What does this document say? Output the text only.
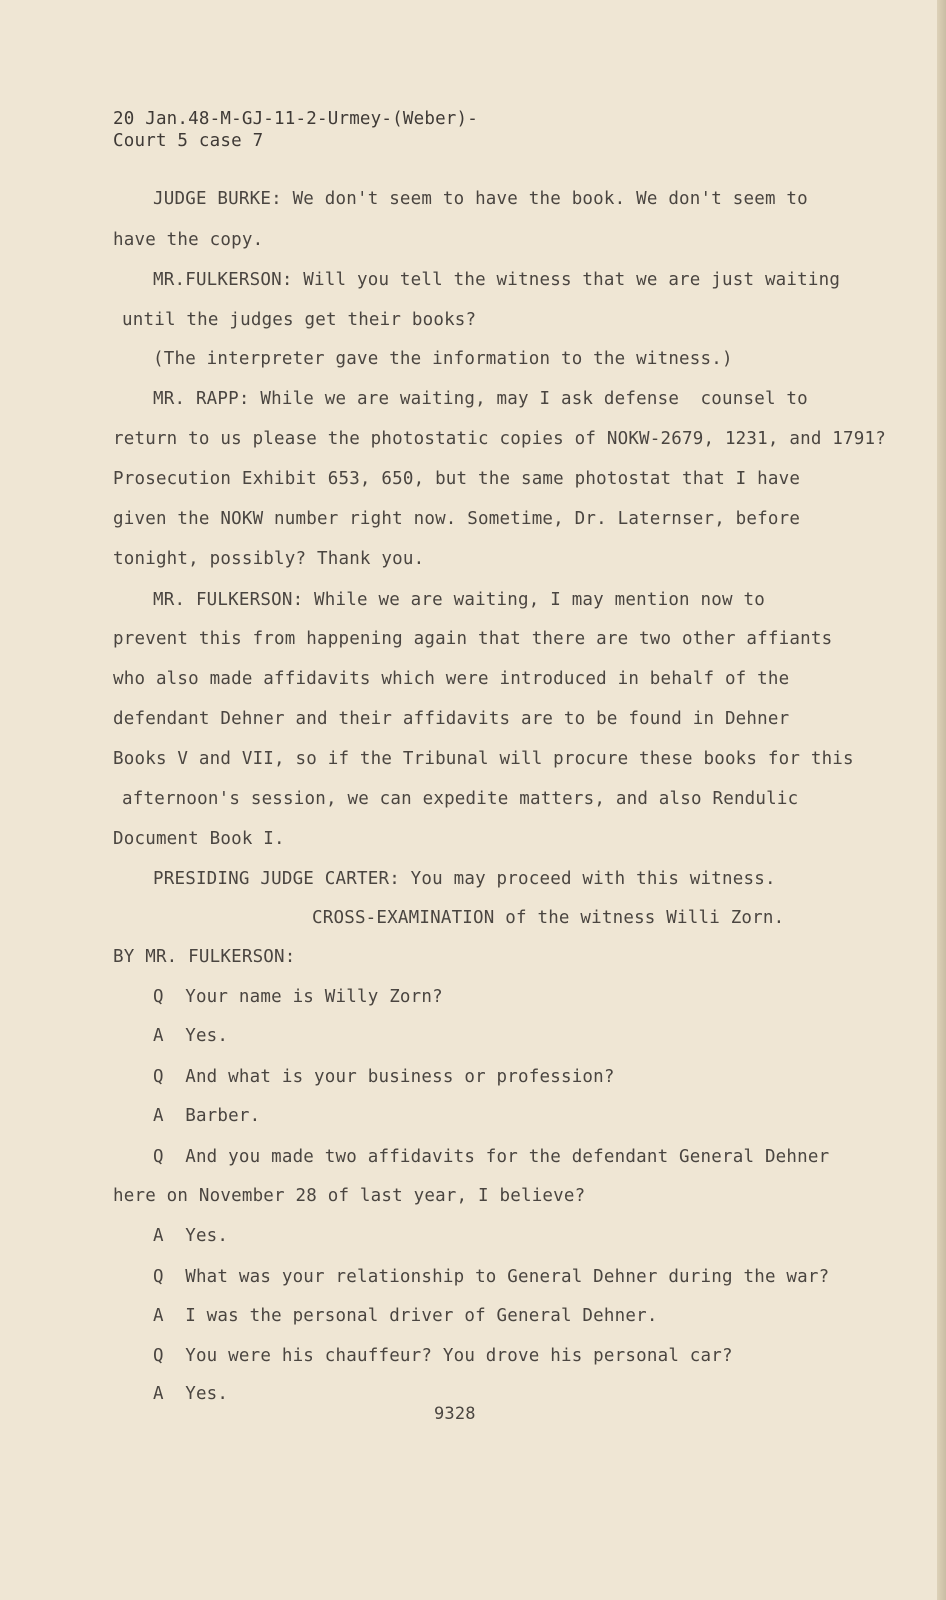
20 Jan.48-M-GJ-11-2-Urmey-(Weber)-
Court 5 case 7
JUDGE BURKE: We don't seem to have the book. We don't seem to
have the copy.
MR.FULKERSON: Will you tell the witness that we are just waiting
until the judges get their books?
(The interpreter gave the information to the witness.)
MR. RAPP: While we are waiting, may I ask defense  counsel to
return to us please the photostatic copies of NOKW-2679, 1231, and 1791?
Prosecution Exhibit 653, 650, but the same photostat that I have
given the NOKW number right now. Sometime, Dr. Laternser, before
tonight, possibly? Thank you.
MR. FULKERSON: While we are waiting, I may mention now to
prevent this from happening again that there are two other affiants
who also made affidavits which were introduced in behalf of the
defendant Dehner and their affidavits are to be found in Dehner
Books V and VII, so if the Tribunal will procure these books for this
afternoon's session, we can expedite matters, and also Rendulic
Document Book I.
PRESIDING JUDGE CARTER: You may proceed with this witness.
CROSS-EXAMINATION of the witness Willi Zorn.
BY MR. FULKERSON:
Q  Your name is Willy Zorn?
A  Yes.
Q  And what is your business or profession?
A  Barber.
Q  And you made two affidavits for the defendant General Dehner
here on November 28 of last year, I believe?
A  Yes.
Q  What was your relationship to General Dehner during the war?
A  I was the personal driver of General Dehner.
Q  You were his chauffeur? You drove his personal car?
A  Yes.
9328
